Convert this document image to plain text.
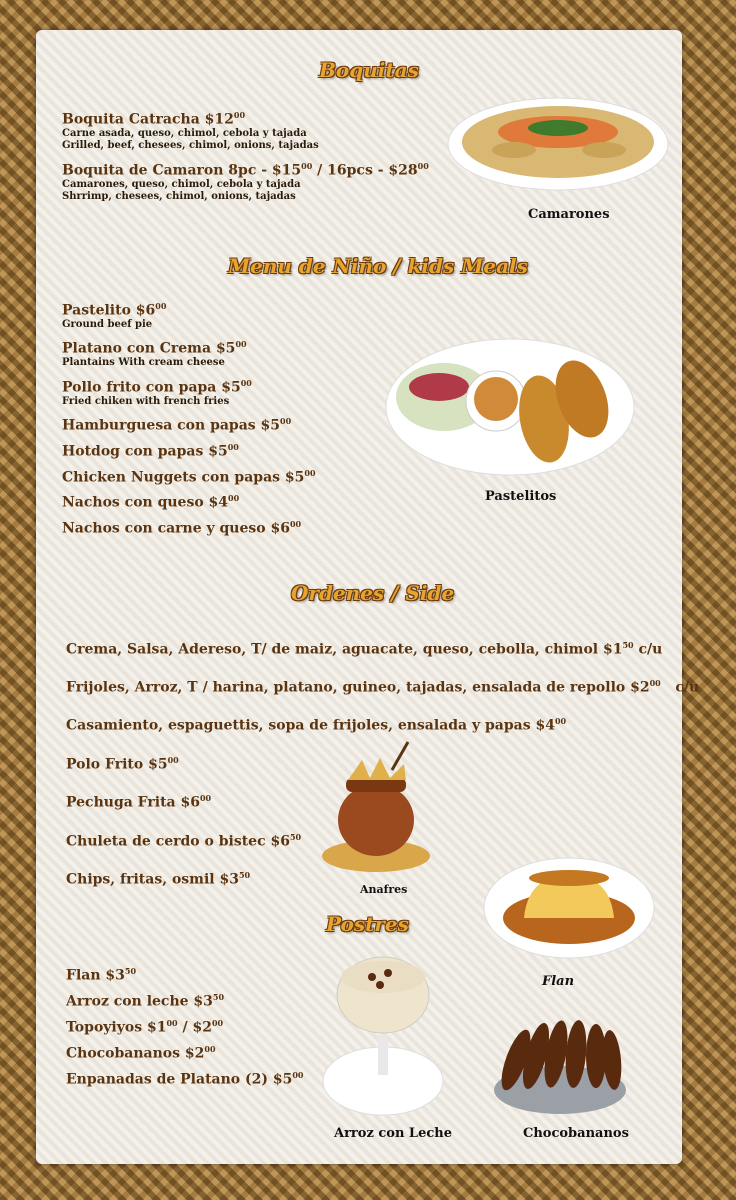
Boquitas

Boquita Catracha $\$12^{00}$
Carne asada, queso, chimol, cebola y tajada
Grilled, beef, chesees, chimol, onions, tajadas

Boquita de Camaron $8pc - \$15^{00} / 16pcs$ - $\$28^{00}$
Camarones, queso, chimol, cebola y tajada
Shrrimp, chesees, chimol, onions, tajadas

Camarones
Menu de Niño / kids Meals

Pastelito $\$6^{00}$
Ground beef pie

Platano con Crema $\$5^{00}$
Plantains With cream cheese

Pollo frito con papa $\$5^{00}$
Fried chiken with french fries

Hamburguesa con papas $\$5^{00}$

Hotdog con papas $\$5^{00}$

Chicken Nuggets con papas $\$5^{00}$

Nachos con queso $\$4^{00}$

Nachos con carne y queso $\$6^{00}$

Pastelitos
Ordenes / Side

Crema, Salsa, Adereso, T/ de maiz, aguacate, queso, cebolla, chimol $\$1^{50}$ c/u

Frijoles, Arroz, T / harina, platano, guineo, tajadas, ensalada de repollo $\$2^{00}$   c/u

Casamiento, espaguettis, sopa de frijoles, ensalada y papas $\$4^{00}$

Polo Frito $\$5^{00}$

Pechuga Frita $\$6^{00}$

Chuleta de cerdo o bistec $\$6^{50}$

Chips, fritas, osmil $\$3^{50}$

Anafres
Postres

Flan $\$3^{50}$

Arroz con leche $\$3^{50}$

Topoyiyos $\$1^{00}$ / $\$2^{00}$

Chocobananos $\$2^{00}$

Enpanadas de Platano (2) $\$5^{00}$

Flan
Arroz con Leche	Chocobananos
